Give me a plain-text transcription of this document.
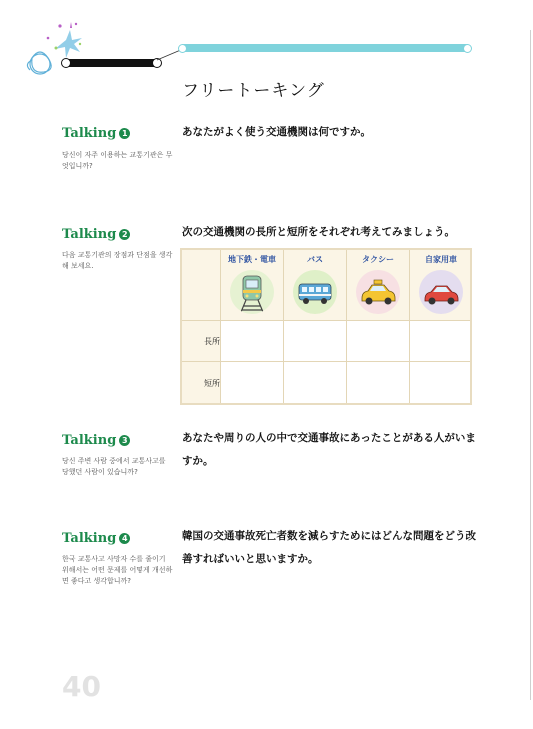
フリートーキング
Talking 1
당신이 자주 이용하는 교통기관은 무엇입니까?
あなたがよく使う交通機関は何ですか。
Talking 2
다음 교통기관의 장점과 단점을 생각해 보세요.
次の交通機関の長所と短所をそれぞれ考えてみましょう。
地下鉄・電車	バス	タクシー	自家用車
長所
短所
Talking 3
당신 주변 사람 중에서 교통사고를 당했던 사람이 있습니까?
あなたや周りの人の中で交通事故にあったことがある人がいますか。
Talking 4
한국 교통사고 사망자 수를 줄이기 위해서는 어떤 문제를 어떻게 개선하면 좋다고 생각합니까?
韓国の交通事故死亡者数を減らすためにはどんな問題をどう改善すればいいと思いますか。
40
